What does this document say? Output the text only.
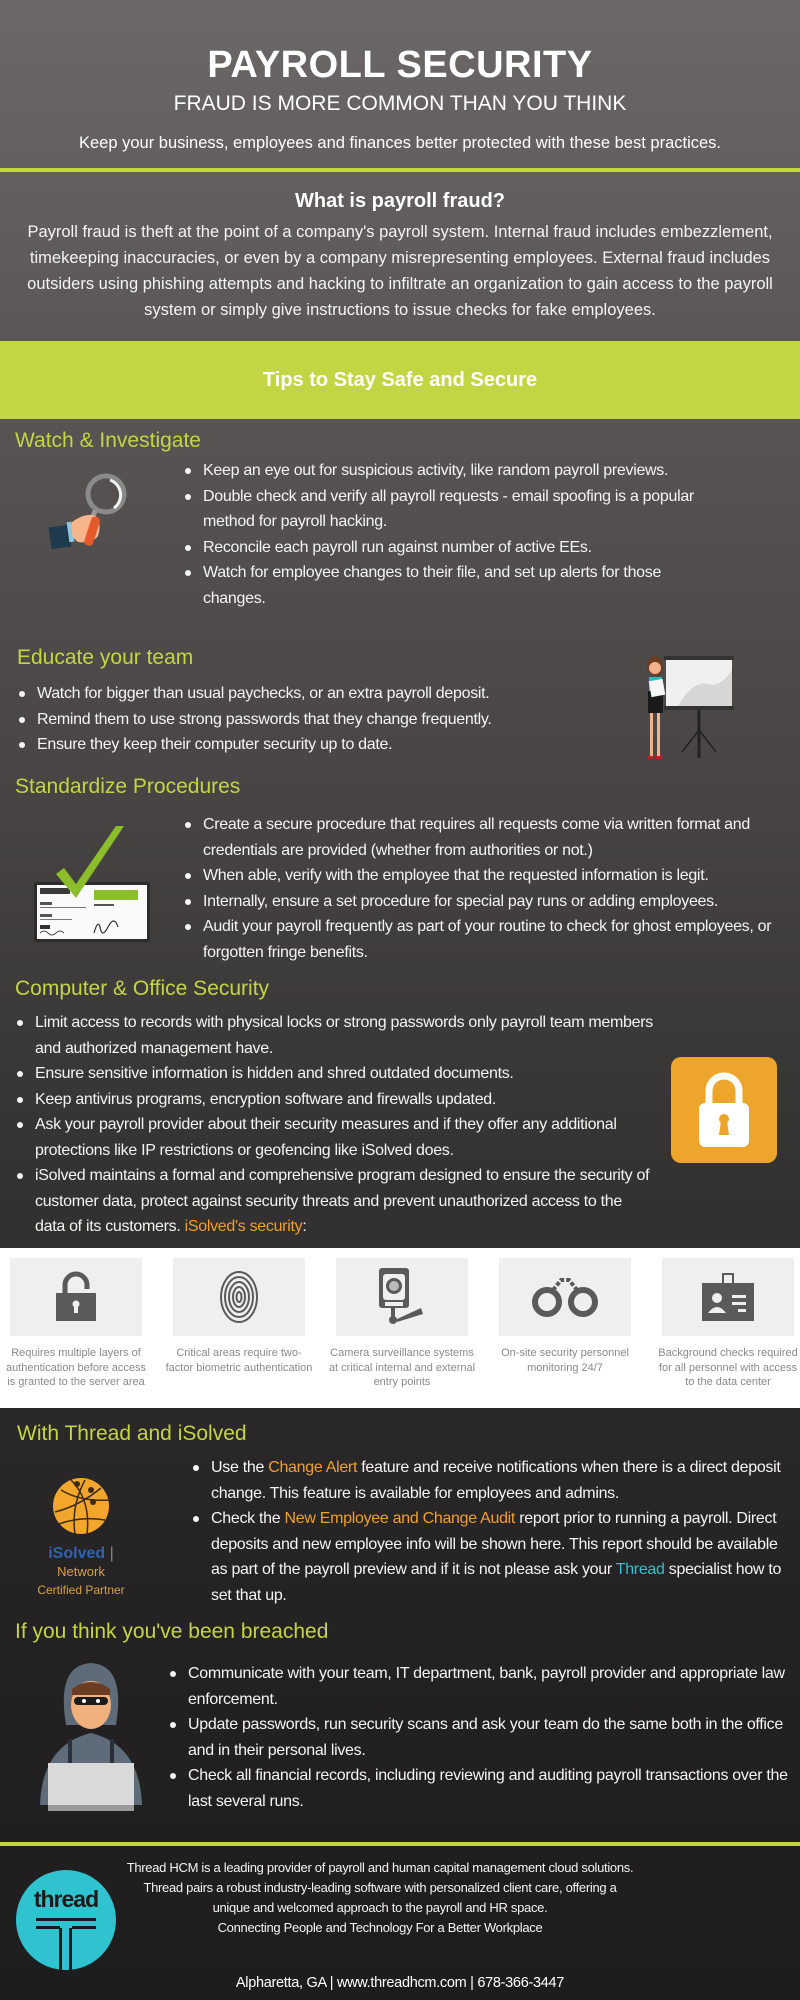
PAYROLL SECURITY
FRAUD IS MORE COMMON THAN YOU THINK
Keep your business, employees and finances better protected with these best practices.
What is payroll fraud?

Payroll fraud is theft at the point of a company's payroll system. Internal fraud includes embezzlement, timekeeping inaccuracies, or even by a company misrepresenting employees. External fraud includes outsiders using phishing attempts and hacking to infiltrate an organization to gain access to the payroll system or simply give instructions to issue checks for fake employees.

Tips to Stay Safe and Secure
Watch & Investigate
Keep an eye out for suspicious activity, like random payroll previews.
Double check and verify all payroll requests - email spoofing is a popular method for payroll hacking.
Reconcile each payroll run against number of active EEs.
Watch for employee changes to their file, and set up alerts for those changes.
Educate your team
Watch for bigger than usual paychecks, or an extra payroll deposit.
Remind them to use strong passwords that they change frequently.
Ensure they keep their computer security up to date.
Standardize Procedures
Create a secure procedure that requires all requests come via written format and credentials are provided (whether from authorities or not.)
When able, verify with the employee that the requested information is legit.
Internally, ensure a set procedure for special pay runs or adding employees.
Audit your payroll frequently as part of your routine to check for ghost employees, or forgotten fringe benefits.
Computer & Office Security
Limit access to records with physical locks or strong passwords only payroll team members and authorized management have.
Ensure sensitive information is hidden and shred outdated documents.
Keep antivirus programs, encryption software and firewalls updated.
Ask your payroll provider about their security measures and if they offer any additional protections like IP restrictions or geofencing like iSolved does.
iSolved maintains a formal and comprehensive program designed to ensure the security of customer data, protect against security threats and prevent unauthorized access to the data of its customers. iSolved's security:
Requires multiple layers of authentication before access is granted to the server area
Critical areas require two-factor biometric authentication
Camera surveillance systems at critical internal and external entry points
On-site security personnel monitoring 24/7
Background checks required for all personnel with access to the data center
With Thread and iSolved
iSolved | Network
Certified Partner
Use the Change Alert feature and receive notifications when there is a direct deposit change. This feature is available for employees and admins.
Check the New Employee and Change Audit report prior to running a payroll. Direct deposits and new employee info will be shown here. This report should be available as part of the payroll preview and if it is not please ask your Thread specialist how to set that up.
If you think you've been breached
Communicate with your team, IT department, bank, payroll provider and appropriate law enforcement.
Update passwords, run security scans and ask your team do the same both in the office and in their personal lives.
Check all financial records, including reviewing and auditing payroll transactions over the last several runs.
thread
Thread HCM is a leading provider of payroll and human capital management cloud solutions.
Thread pairs a robust industry-leading software with personalized client care, offering a
unique and welcomed approach to the payroll and HR space.
Connecting People and Technology For a Better Workplace
Alpharetta, GA | www.threadhcm.com | 678-366-3447
